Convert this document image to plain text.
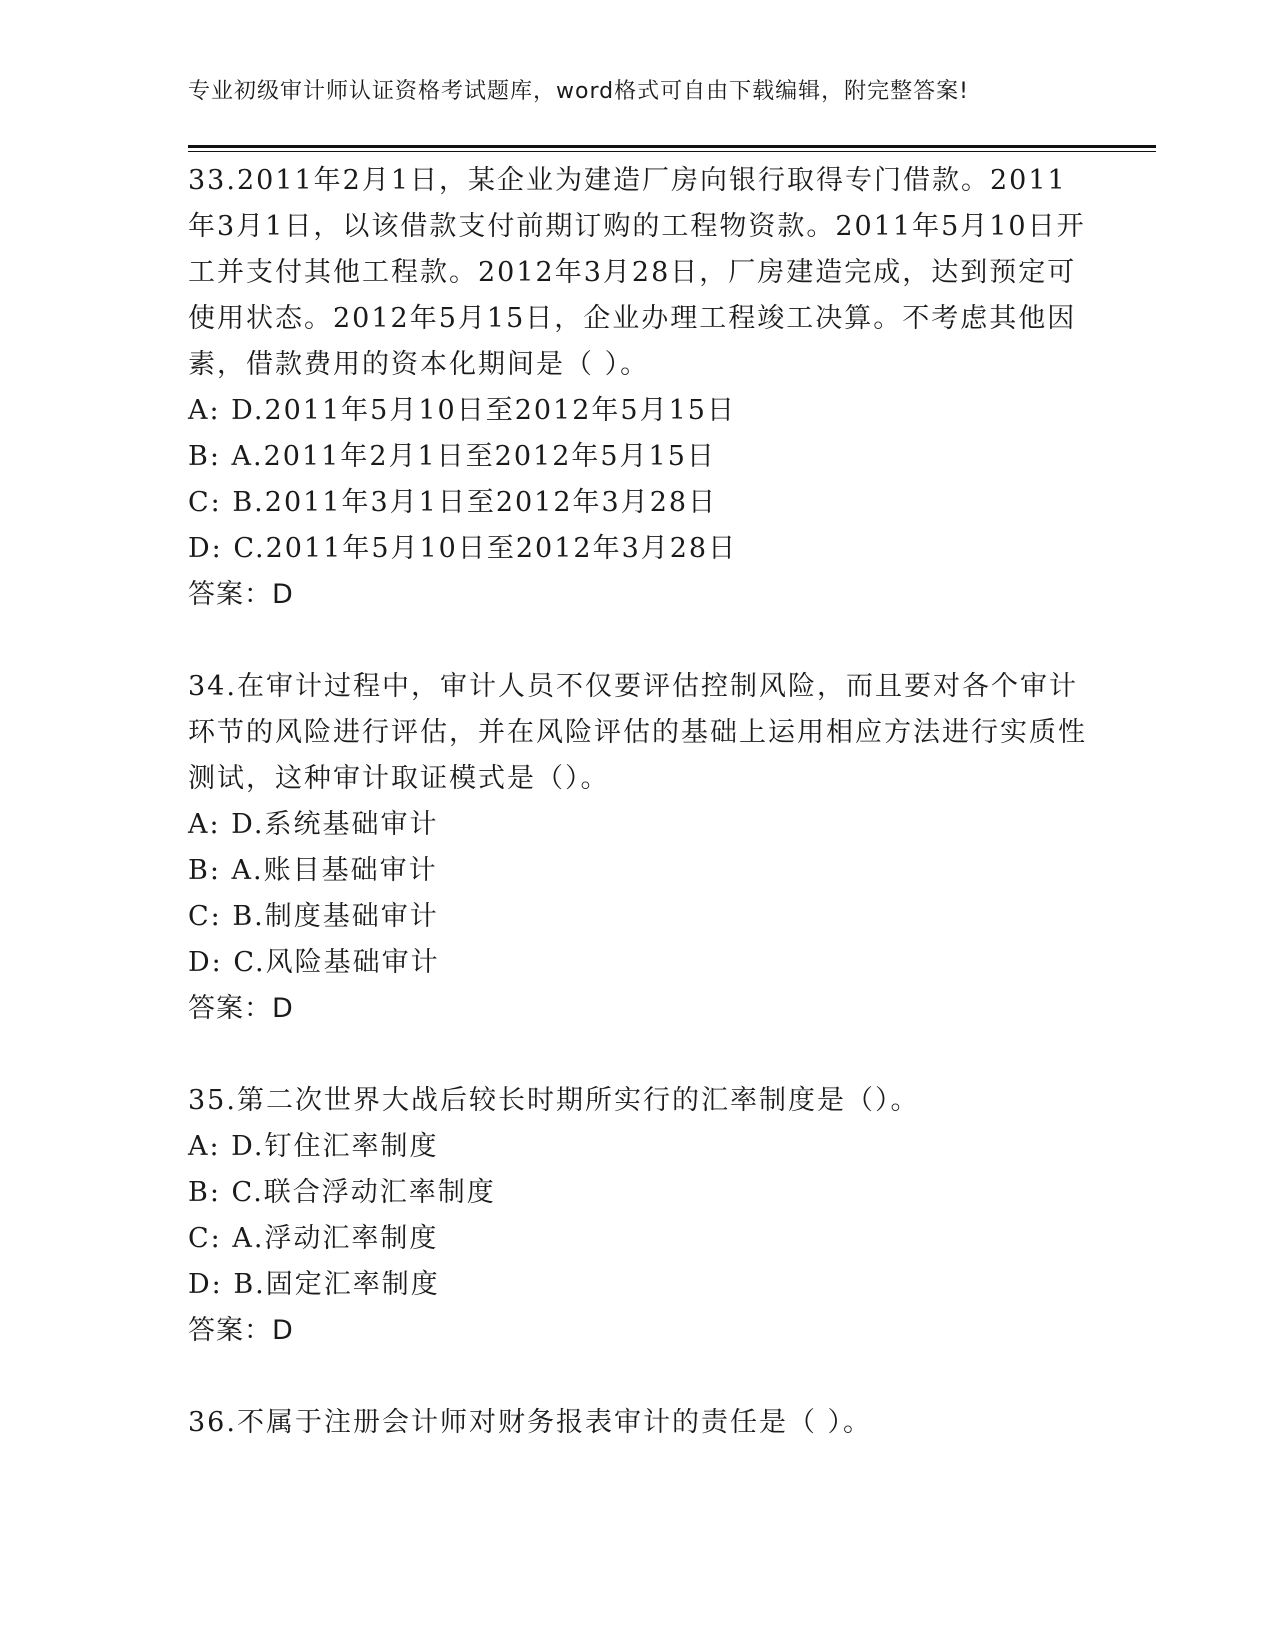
专业初级审计师认证资格考试题库，word格式可自由下载编辑，附完整答案!

33.2011年2月1日，某企业为建造厂房向银行取得专门借款。2011年3月1日，以该借款支付前期订购的工程物资款。2011年5月10日开工并支付其他工程款。2012年3月28日，厂房建造完成，达到预定可使用状态。2012年5月15日，企业办理工程竣工决算。不考虑其他因素，借款费用的资本化期间是（ ）。

A: D.2011年5月10日至2012年5月15日

B: A.2011年2月1日至2012年5月15日

C: B.2011年3月1日至2012年3月28日

D: C.2011年5月10日至2012年3月28日

答案：D

34.在审计过程中，审计人员不仅要评估控制风险，而且要对各个审计环节的风险进行评估，并在风险评估的基础上运用相应方法进行实质性测试，这种审计取证模式是（）。

A: D.系统基础审计

B: A.账目基础审计

C: B.制度基础审计

D: C.风险基础审计

答案：D

35.第二次世界大战后较长时期所实行的汇率制度是（）。

A: D.钉住汇率制度

B: C.联合浮动汇率制度

C: A.浮动汇率制度

D: B.固定汇率制度

答案：D

36.不属于注册会计师对财务报表审计的责任是（ ）。
